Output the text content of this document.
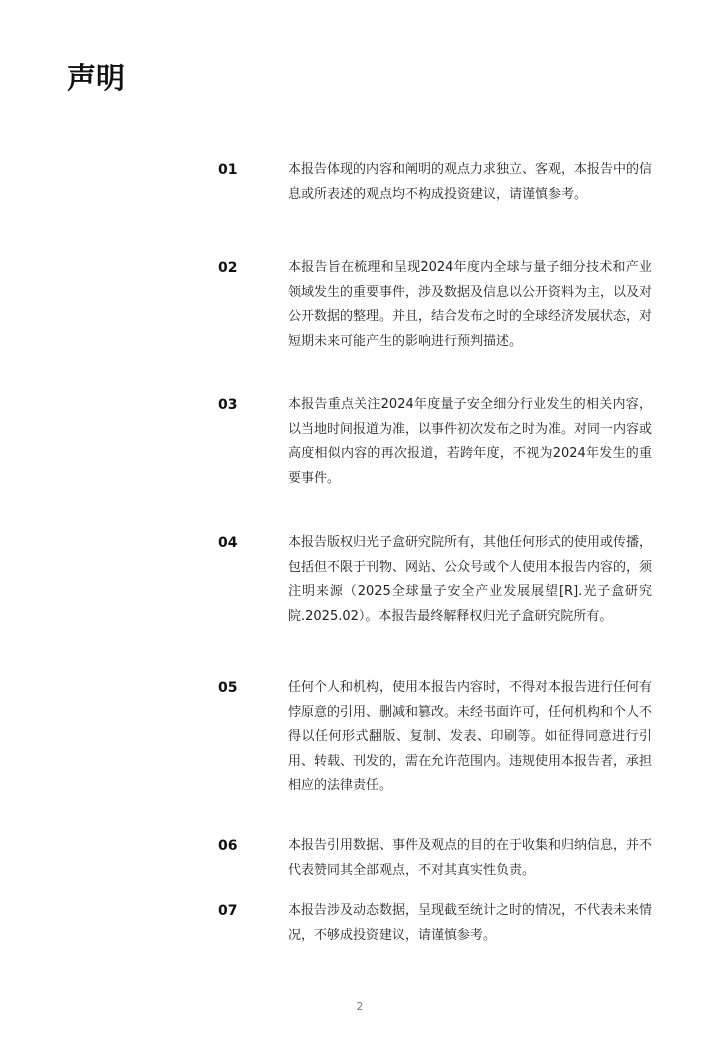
声明
01	本报告体现的内容和阐明的观点力求独立、客观，本报告中的信息或所表述的观点均不构成投资建议，请谨慎参考。

02	本报告旨在梳理和呈现2024年度内全球与量子细分技术和产业领域发生的重要事件，涉及数据及信息以公开资料为主，以及对公开数据的整理。并且，结合发布之时的全球经济发展状态，对短期未来可能产生的影响进行预判描述。

03	本报告重点关注2024年度量子安全细分行业发生的相关内容，以当地时间报道为准，以事件初次发布之时为准。对同一内容或高度相似内容的再次报道，若跨年度，不视为2024年发生的重要事件。

04	本报告版权归光子盒研究院所有，其他任何形式的使用或传播，包括但不限于刊物、网站、公众号或个人使用本报告内容的，须注明来源（2025全球量子安全产业发展展望[R].光子盒研究院.2025.02）。本报告最终解释权归光子盒研究院所有。

05	任何个人和机构，使用本报告内容时，不得对本报告进行任何有悖原意的引用、删减和篡改。未经书面许可，任何机构和个人不得以任何形式翻版、复制、发表、印刷等。如征得同意进行引用、转载、刊发的，需在允许范围内。违规使用本报告者，承担相应的法律责任。

06	本报告引用数据、事件及观点的目的在于收集和归纳信息，并不代表赞同其全部观点，不对其真实性负责。

07	本报告涉及动态数据，呈现截至统计之时的情况，不代表未来情况，不够成投资建议，请谨慎参考。

2
